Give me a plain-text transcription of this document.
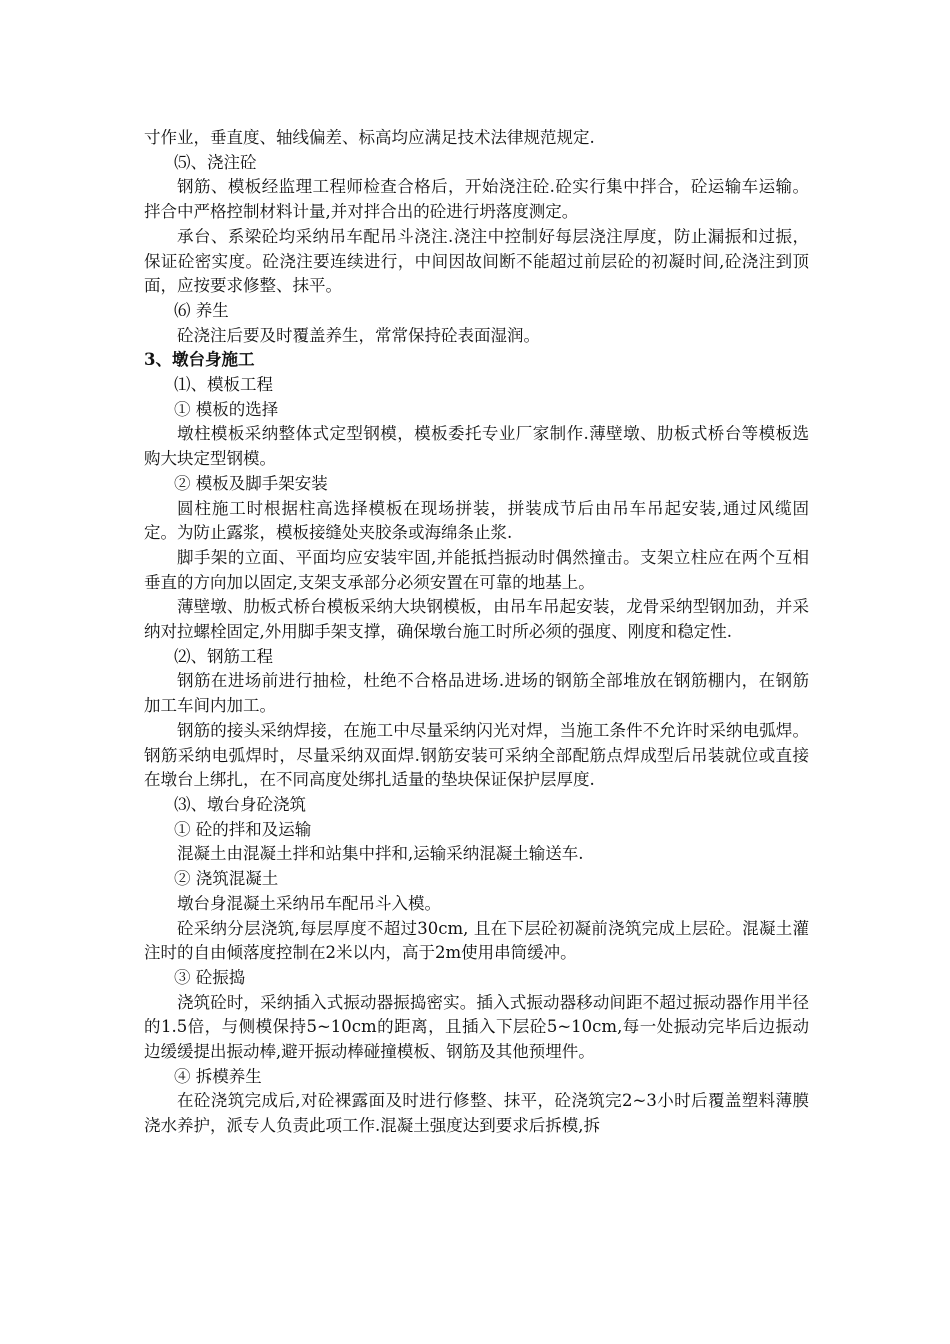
寸作业，垂直度、轴线偏差、标高均应满足技术法律规范规定.

⑸、浇注砼

钢筋、模板经监理工程师检查合格后，开始浇注砼.砼实行集中拌合，砼运输车运输。拌合中严格控制材料计量,并对拌合出的砼进行坍落度测定。

承台、系梁砼均采纳吊车配吊斗浇注.浇注中控制好每层浇注厚度，防止漏振和过振，保证砼密实度。砼浇注要连续进行，中间因故间断不能超过前层砼的初凝时间,砼浇注到顶面，应按要求修整、抹平。

⑹ 养生

砼浇注后要及时覆盖养生，常常保持砼表面湿润。

3、墩台身施工

⑴、模板工程

① 模板的选择

墩柱模板采纳整体式定型钢模，模板委托专业厂家制作.薄壁墩、肋板式桥台等模板选购大块定型钢模。

② 模板及脚手架安装

圆柱施工时根据柱高选择模板在现场拼装，拼装成节后由吊车吊起安装,通过风缆固定。为防止露浆，模板接缝处夹胶条或海绵条止浆.

脚手架的立面、平面均应安装牢固,并能抵挡振动时偶然撞击。支架立柱应在两个互相垂直的方向加以固定,支架支承部分必须安置在可靠的地基上。

薄壁墩、肋板式桥台模板采纳大块钢模板，由吊车吊起安装，龙骨采纳型钢加劲，并采纳对拉螺栓固定,外用脚手架支撑，确保墩台施工时所必须的强度、刚度和稳定性.

⑵、钢筋工程

钢筋在进场前进行抽检，杜绝不合格品进场.进场的钢筋全部堆放在钢筋棚内，在钢筋加工车间内加工。

钢筋的接头采纳焊接，在施工中尽量采纳闪光对焊，当施工条件不允许时采纳电弧焊。钢筋采纳电弧焊时，尽量采纳双面焊.钢筋安装可采纳全部配筋点焊成型后吊装就位或直接在墩台上绑扎，在不同高度处绑扎适量的垫块保证保护层厚度.

⑶、墩台身砼浇筑

① 砼的拌和及运输

混凝土由混凝土拌和站集中拌和,运输采纳混凝土输送车.

② 浇筑混凝土

墩台身混凝土采纳吊车配吊斗入模。

砼采纳分层浇筑,每层厚度不超过30cm, 且在下层砼初凝前浇筑完成上层砼。混凝土灌注时的自由倾落度控制在2米以内，高于2m使用串筒缓冲。

③ 砼振捣

浇筑砼时，采纳插入式振动器振捣密实。插入式振动器移动间距不超过振动器作用半径的1.5倍，与侧模保持5~10cm的距离，且插入下层砼5~10cm,每一处振动完毕后边振动边缓缓提出振动棒,避开振动棒碰撞模板、钢筋及其他预埋件。

④ 拆模养生

在砼浇筑完成后,对砼裸露面及时进行修整、抹平，砼浇筑完2~3小时后覆盖塑料薄膜浇水养护，派专人负责此项工作.混凝土强度达到要求后拆模,拆
